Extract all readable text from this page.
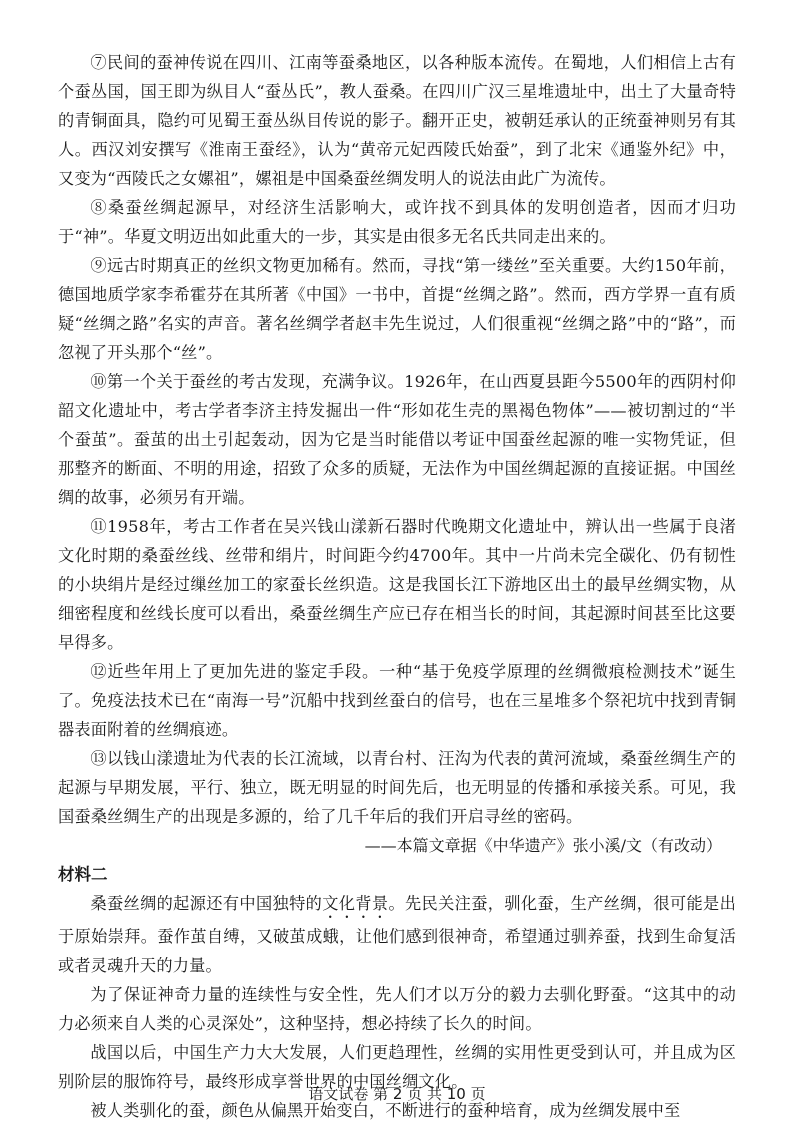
⑦民间的蚕神传说在四川、江南等蚕桑地区，以各种版本流传。在蜀地，人们相信上古有个蚕丛国，国王即为纵目人“蚕丛氏”，教人蚕桑。在四川广汉三星堆遗址中，出土了大量奇特的青铜面具，隐约可见蜀王蚕丛纵目传说的影子。翻开正史，被朝廷承认的正统蚕神则另有其人。西汉刘安撰写《淮南王蚕经》，认为“黄帝元妃西陵氏始蚕”，到了北宋《通鉴外纪》中，又变为“西陵氏之女嫘祖”，嫘祖是中国桑蚕丝绸发明人的说法由此广为流传。

⑧桑蚕丝绸起源早，对经济生活影响大，或许找不到具体的发明创造者，因而才归功于“神”。华夏文明迈出如此重大的一步，其实是由很多无名氏共同走出来的。

⑨远古时期真正的丝织文物更加稀有。然而，寻找“第一缕丝”至关重要。大约150年前，德国地质学家李希霍芬在其所著《中国》一书中，首提“丝绸之路”。然而，西方学界一直有质疑“丝绸之路”名实的声音。著名丝绸学者赵丰先生说过，人们很重视“丝绸之路”中的“路”，而忽视了开头那个“丝”。

⑩第一个关于蚕丝的考古发现，充满争议。1926年，在山西夏县距今5500年的西阴村仰韶文化遗址中，考古学者李济主持发掘出一件“形如花生壳的黑褐色物体”——被切割过的“半个蚕茧”。蚕茧的出土引起轰动，因为它是当时能借以考证中国蚕丝起源的唯一实物凭证，但那整齐的断面、不明的用途，招致了众多的质疑，无法作为中国丝绸起源的直接证据。中国丝绸的故事，必须另有开端。

⑪1958年，考古工作者在吴兴钱山漾新石器时代晚期文化遗址中，辨认出一些属于良渚文化时期的桑蚕丝线、丝带和绢片，时间距今约4700年。其中一片尚未完全碳化、仍有韧性的小块绢片是经过缫丝加工的家蚕长丝织造。这是我国长江下游地区出土的最早丝绸实物，从细密程度和丝线长度可以看出，桑蚕丝绸生产应已存在相当长的时间，其起源时间甚至比这要早得多。

⑫近些年用上了更加先进的鉴定手段。一种“基于免疫学原理的丝绸微痕检测技术”诞生了。免疫法技术已在“南海一号”沉船中找到丝蚕白的信号，也在三星堆多个祭祀坑中找到青铜器表面附着的丝绸痕迹。

⑬以钱山漾遗址为代表的长江流域，以青台村、汪沟为代表的黄河流域，桑蚕丝绸生产的起源与早期发展，平行、独立，既无明显的时间先后，也无明显的传播和承接关系。可见，我国蚕桑丝绸生产的出现是多源的，给了几千年后的我们开启寻丝的密码。

——本篇文章据《中华遗产》张小溪/文（有改动）

材料二

桑蚕丝绸的起源还有中国独特的文化背景。先民关注蚕，驯化蚕，生产丝绸，很可能是出于原始崇拜。蚕作茧自缚，又破茧成蛾，让他们感到很神奇，希望通过驯养蚕，找到生命复活或者灵魂升天的力量。

为了保证神奇力量的连续性与安全性，先人们才以万分的毅力去驯化野蚕。“这其中的动力必须来自人类的心灵深处”，这种坚持，想必持续了长久的时间。

战国以后，中国生产力大大发展，人们更趋理性，丝绸的实用性更受到认可，并且成为区别阶层的服饰符号，最终形成享誉世界的中国丝绸文化。

被人类驯化的蚕，颜色从偏黑开始变白，不断进行的蚕种培育，成为丝绸发展中至

语文试卷 第 2 页 共 10 页
